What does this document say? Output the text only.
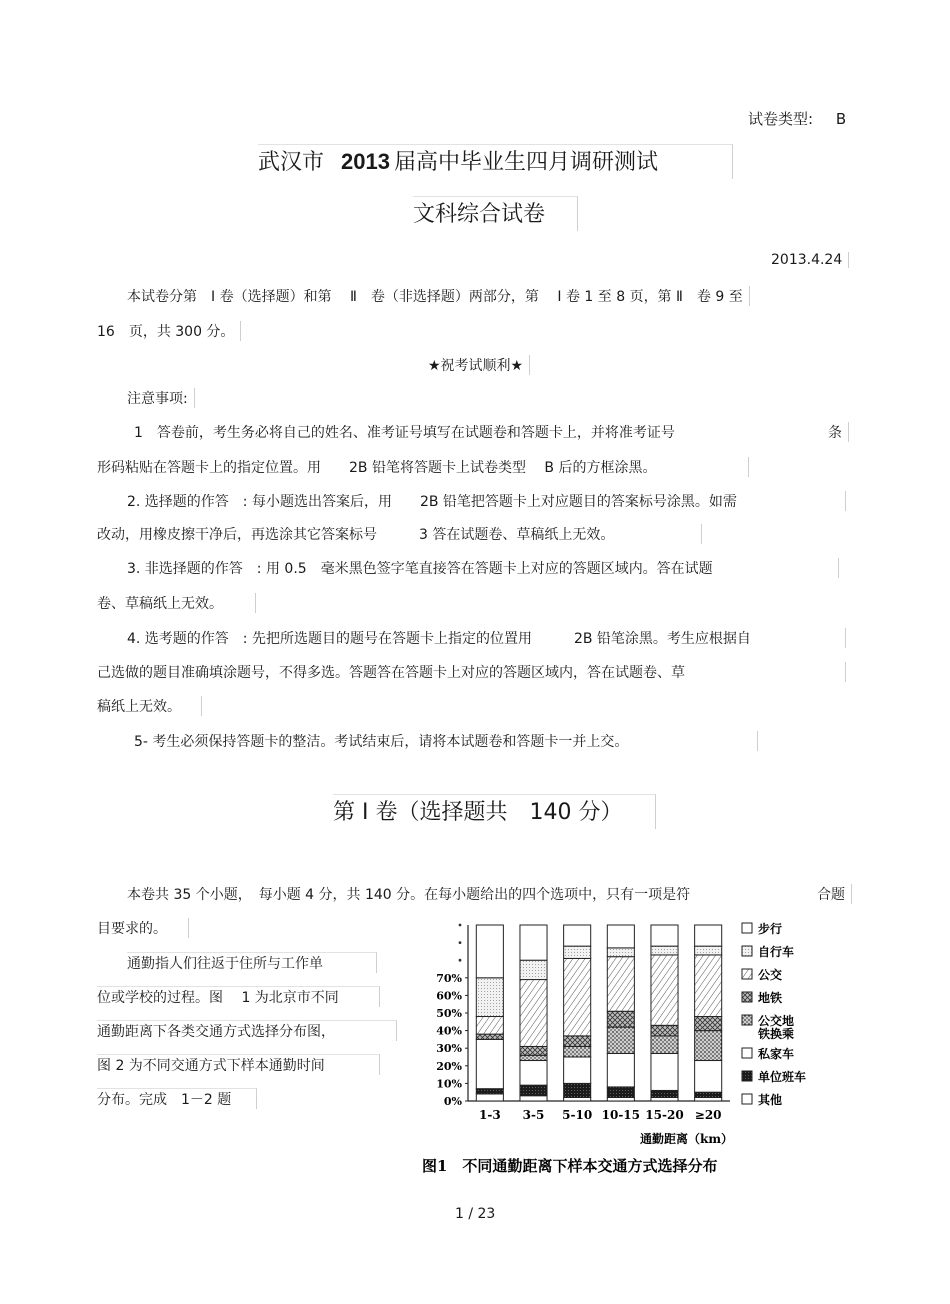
试卷类型: B
武汉市 2013 届高中毕业生四月调研测试
文科综合试卷
2013.4.24
本试卷分第　Ⅰ 卷（选择题）和第　 Ⅱ　卷（非选择题）两部分，第　 Ⅰ 卷 1 至 8 页，第 Ⅱ　卷 9 至
16　页，共 300 分。
★祝考试顺利★
注意事项:
1　答卷前，考生务必将自己的姓名、准考证号填写在试题卷和答题卡上，并将准考证号	条
形码粘贴在答题卡上的指定位置。用　　2B 铅笔将答题卡上试卷类型　 B 后的方框涂黑。
2. 选择题的作答　: 每小题选出答案后，用　　2B 铅笔把答题卡上对应题目的答案标号涂黑。如需
改动，用橡皮擦干净后，再选涂其它答案标号　　　3 答在试题卷、草稿纸上无效。
3. 非选择题的作答　: 用 0.5　毫米黑色签字笔直接答在答题卡上对应的答题区域内。答在试题
卷、草稿纸上无效。
4. 选考题的作答　: 先把所选题目的题号在答题卡上指定的位置用　　　2B 铅笔涂黑。考生应根据自
己选做的题目准确填涂题号，不得多选。答题答在答题卡上对应的答题区域内，答在试题卷、草
稿纸上无效。
5- 考生必须保持答题卡的整洁。考试结束后，请将本试题卷和答题卡一并上交。
第 Ⅰ 卷（选择题共　140 分）
本卷共 35 个小题，　每小题 4 分，共 140 分。在每小题给出的四个选项中，只有一项是符	合题
目要求的。
通勤指人们往返于住所与工作单
位或学校的过程。图　 1 为北京市不同
通勤距离下各类交通方式选择分布图，
图 2 为不同交通方式下样本通勤时间
分布。完成　1－2 题	0%
10%
20%
30%
40%
50%
60%
70%
1-3 3-5 5-10 10-15 15-20 ≥20
步行
自行车
公交
地铁
公交地
铁换乘
私家车
单位班车
其他
通勤距离（km）
图1　不同通勤距离下样本交通方式选择分布
1 / 23
